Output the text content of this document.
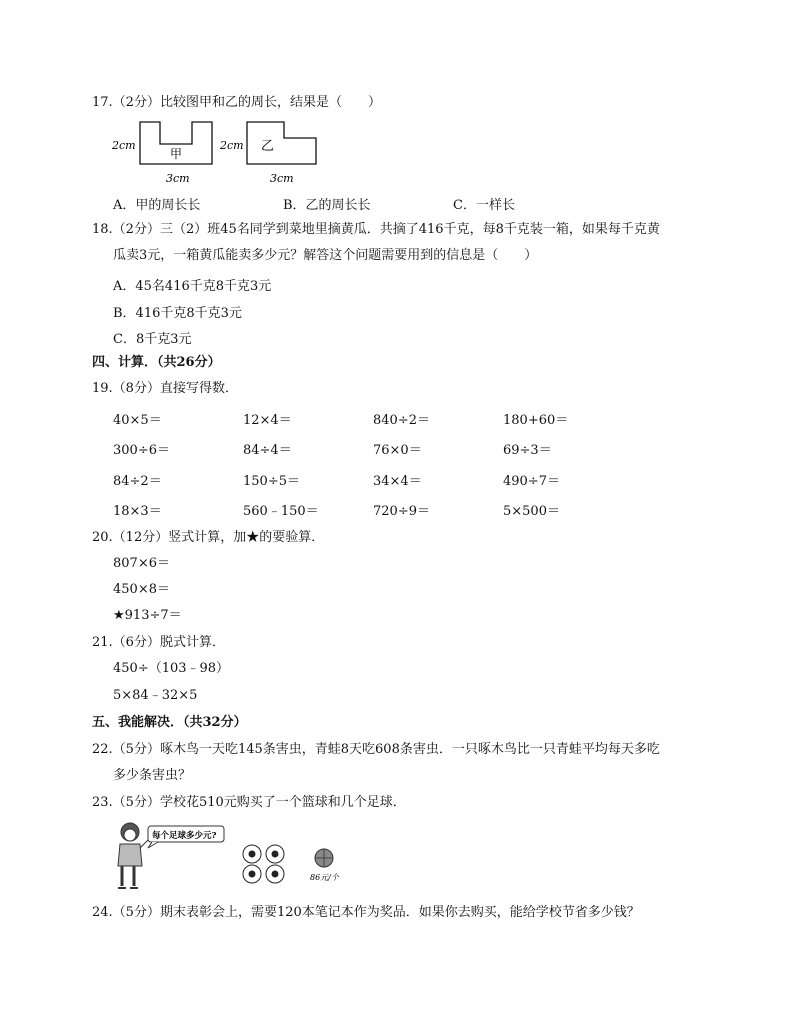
17.（2分）比较图甲和乙的周长，结果是（　　）
2cm
甲
3cm
2cm 乙
3cm
A．甲的周长长	B．乙的周长长	C．一样长
18.（2分）三（2）班45名同学到菜地里摘黄瓜．共摘了416千克，每8千克装一箱，如果每千克黄
瓜卖3元，一箱黄瓜能卖多少元？解答这个问题需要用到的信息是（　　）
A．45名416千克8千克3元
B．416千克8千克3元
C．8千克3元
四、计算．（共26分）
19.（8分）直接写得数．
40×5＝	12×4＝	840÷2＝	180+60＝
300÷6＝	84÷4＝	76×0＝	69÷3＝
84÷2＝	150÷5＝	34×4＝	490÷7＝
18×3＝	560﹣150＝	720÷9＝	5×500＝
20.（12分）竖式计算，加★的要验算．
807×6＝
450×8＝
★913÷7＝
21.（6分）脱式计算．
450÷（103﹣98）
5×84﹣32×5
五、我能解决．（共32分）
22.（5分）啄木鸟一天吃145条害虫，青蛙8天吃608条害虫．一只啄木鸟比一只青蛙平均每天多吃
多少条害虫？
23.（5分）学校花510元购买了一个篮球和几个足球．
每个足球多少元?
86元/个
24.（5分）期末表彰会上，需要120本笔记本作为奖品．如果你去购买，能给学校节省多少钱？
